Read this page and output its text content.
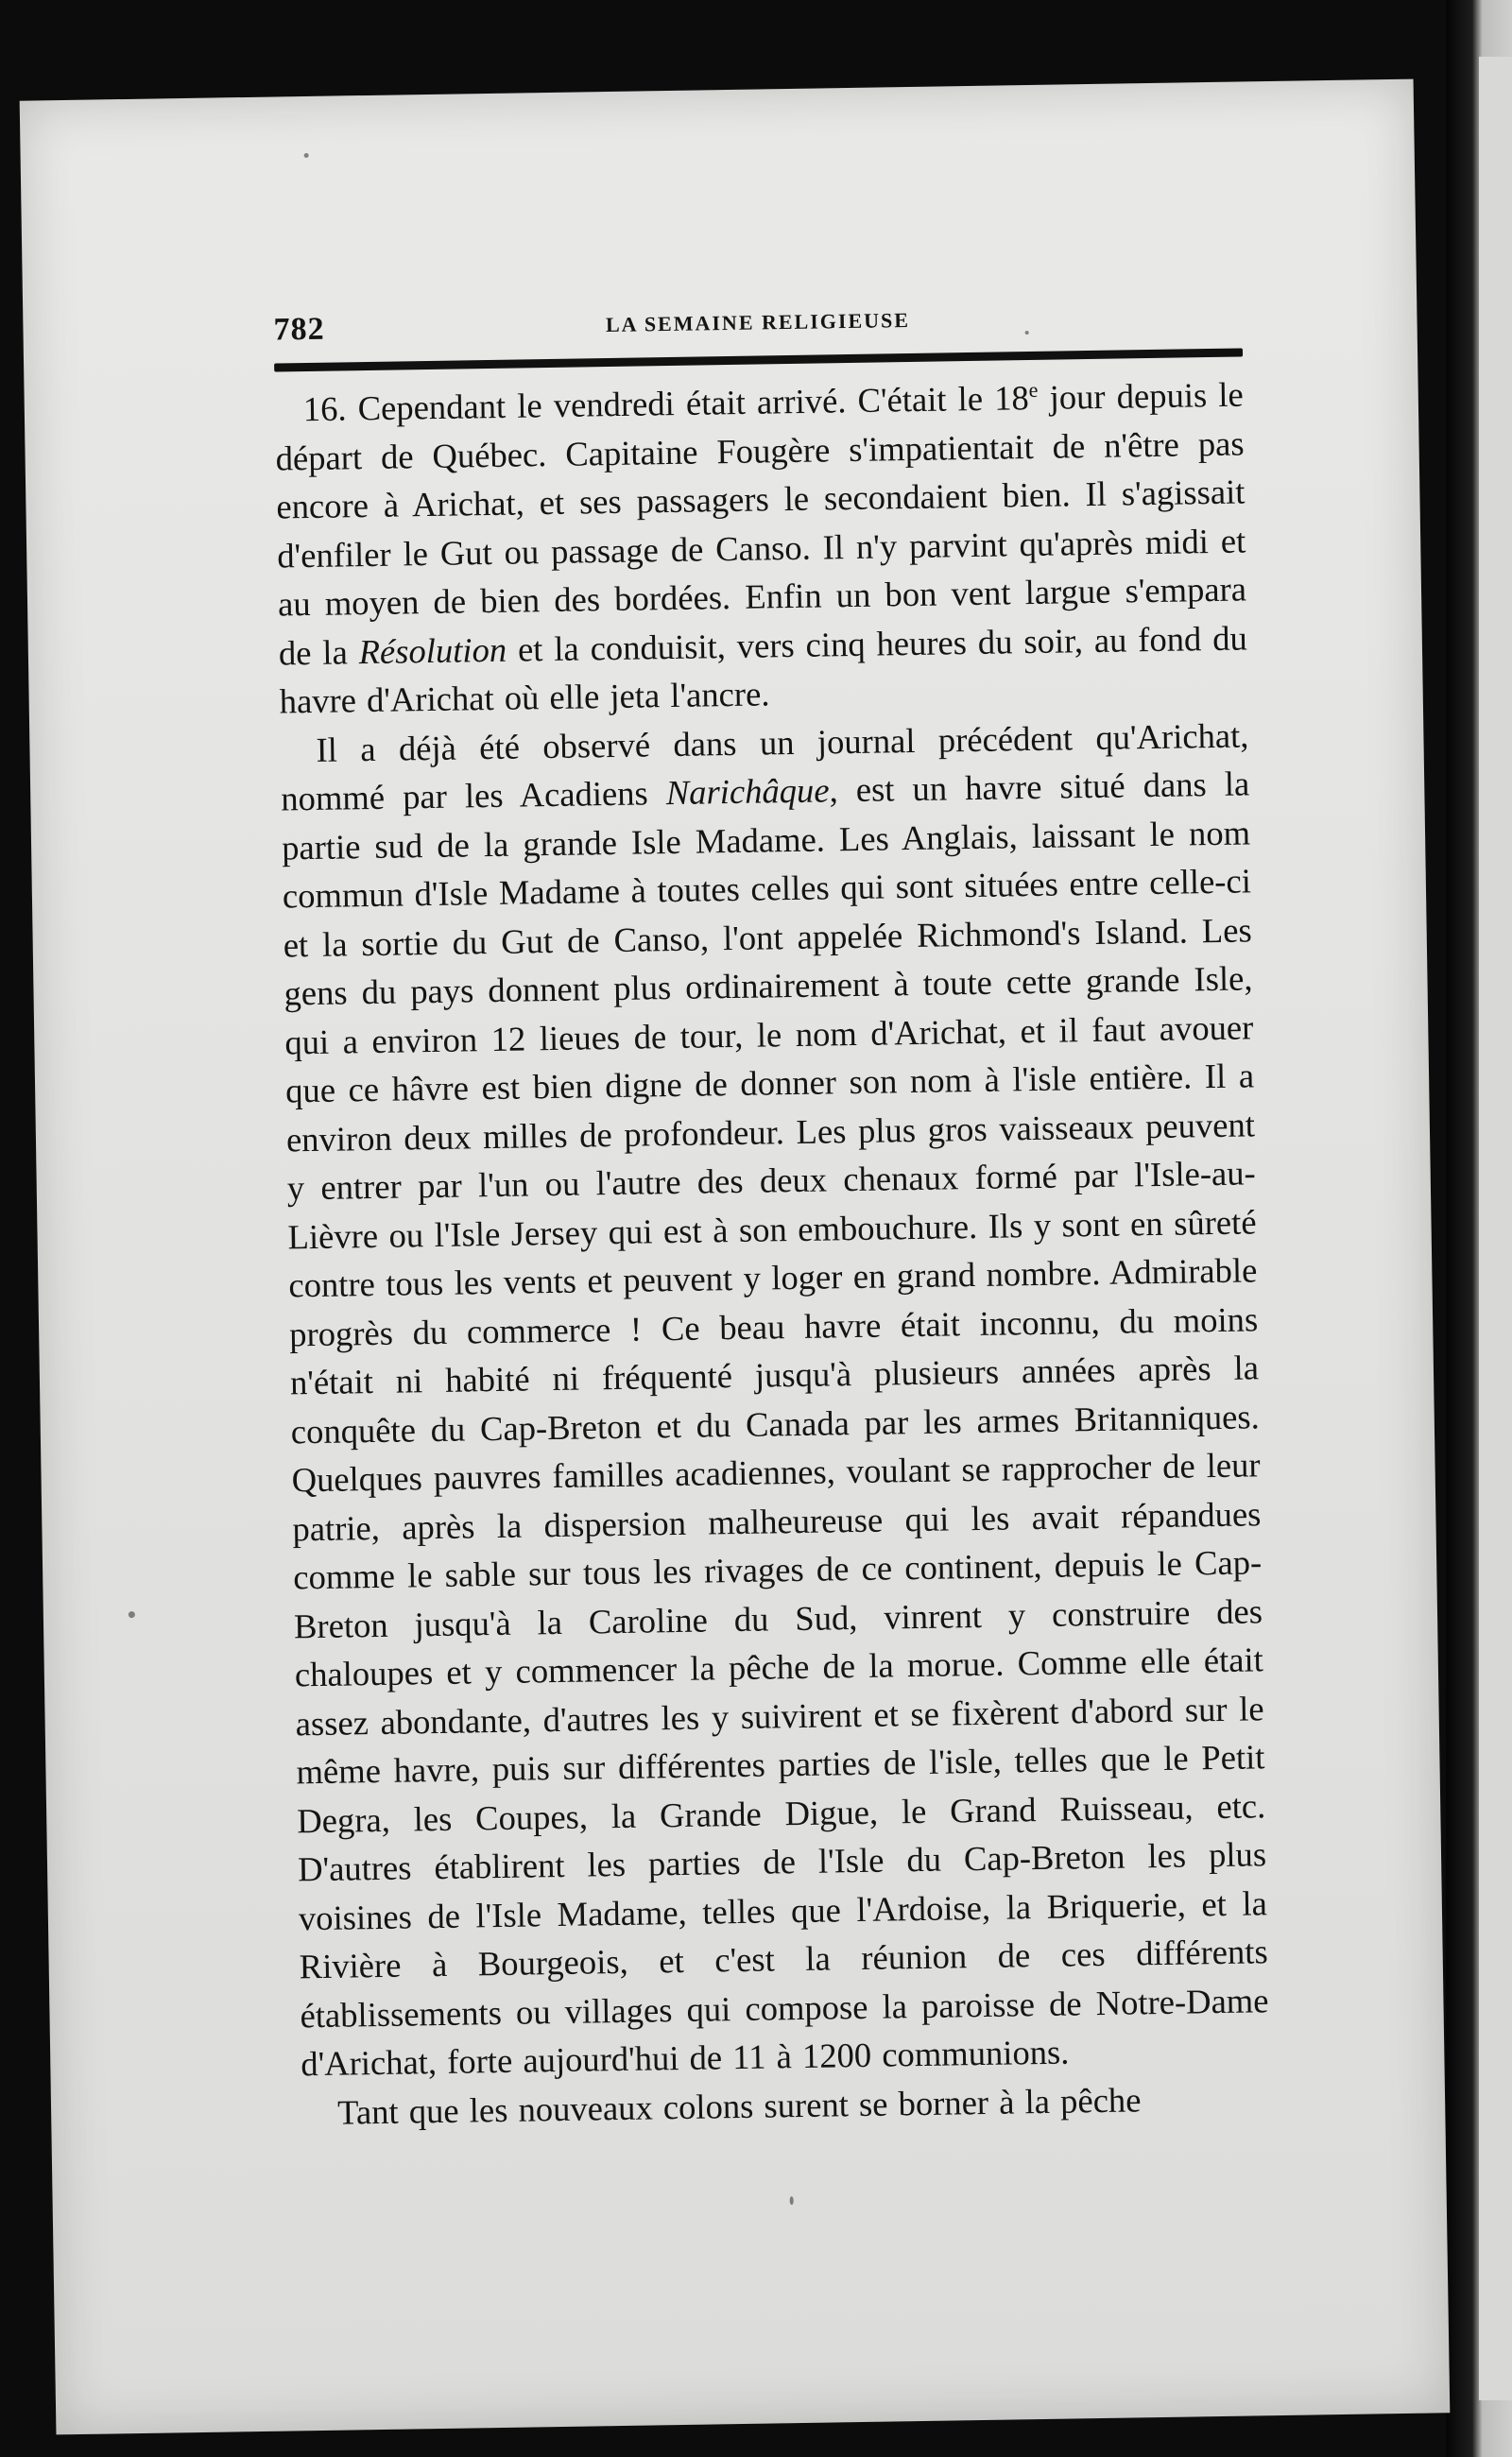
782	LA SEMAINE RELIGIEUSE

16. Cependant le vendredi était arrivé. C'était le 18e jour depuis le départ de Québec. Capitaine Fougère s'impatientait de n'être pas encore à Arichat, et ses passagers le secondaient bien. Il s'agissait d'enfiler le Gut ou passage de Canso. Il n'y parvint qu'après midi et au moyen de bien des bordées. Enfin un bon vent largue s'empara de la Résolution et la conduisit, vers cinq heures du soir, au fond du havre d'Arichat où elle jeta l'ancre.

Il a déjà été observé dans un journal précédent qu'Arichat, nommé par les Acadiens Narichâque, est un havre situé dans la partie sud de la grande Isle Madame. Les Anglais, laissant le nom commun d'Isle Madame à toutes celles qui sont situées entre celle-ci et la sortie du Gut de Canso, l'ont appelée Richmond's Island. Les gens du pays donnent plus ordinairement à toute cette grande Isle, qui a environ 12 lieues de tour, le nom d'Arichat, et il faut avouer que ce hâvre est bien digne de donner son nom à l'isle entière. Il a environ deux milles de profondeur. Les plus gros vaisseaux peuvent y entrer par l'un ou l'autre des deux chenaux formé par l'Isle-au-Lièvre ou l'Isle Jersey qui est à son embouchure. Ils y sont en sûreté contre tous les vents et peuvent y loger en grand nombre. Admirable progrès du commerce ! Ce beau havre était inconnu, du moins n'était ni habité ni fréquenté jusqu'à plusieurs années après la conquête du Cap-Breton et du Canada par les armes Britanniques. Quelques pauvres familles acadiennes, voulant se rapprocher de leur patrie, après la dispersion malheureuse qui les avait répandues comme le sable sur tous les rivages de ce continent, depuis le Cap-Breton jusqu'à la Caroline du Sud, vinrent y construire des chaloupes et y commencer la pêche de la morue. Comme elle était assez abondante, d'autres les y suivirent et se fixèrent d'abord sur le même havre, puis sur différentes parties de l'isle, telles que le Petit Degra, les Coupes, la Grande Digue, le Grand Ruisseau, etc. D'autres établirent les parties de l'Isle du Cap-Breton les plus voisines de l'Isle Madame, telles que l'Ardoise, la Briquerie, et la Rivière à Bourgeois, et c'est la réunion de ces différents établissements ou villages qui compose la paroisse de Notre-Dame d'Arichat, forte aujourd'hui de 11 à 1200 communions.

Tant que les nouveaux colons surent se borner à la pêche
